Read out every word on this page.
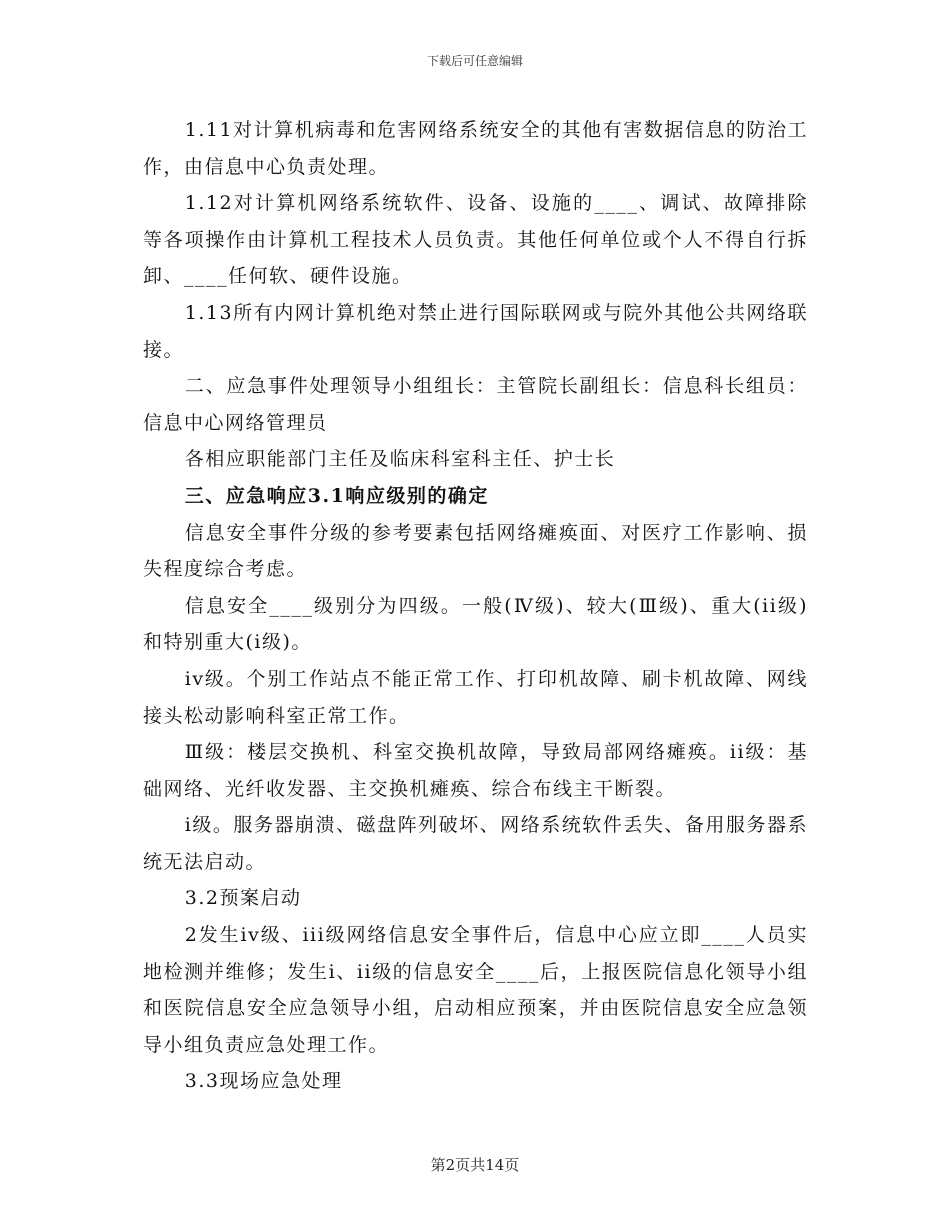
下载后可任意编辑

1.11对计算机病毒和危害网络系统安全的其他有害数据信息的防治工作，由信息中心负责处理。

1.12对计算机网络系统软件、设备、设施的____、调试、故障排除等各项操作由计算机工程技术人员负责。其他任何单位或个人不得自行拆卸、____任何软、硬件设施。

1.13所有内网计算机绝对禁止进行国际联网或与院外其他公共网络联接。

二、应急事件处理领导小组组长：主管院长副组长：信息科长组员：信息中心网络管理员

各相应职能部门主任及临床科室科主任、护士长

三、应急响应3.1响应级别的确定

信息安全事件分级的参考要素包括网络瘫痪面、对医疗工作影响、损失程度综合考虑。

信息安全____级别分为四级。一般(Ⅳ级)、较大(Ⅲ级)、重大(ii级)和特别重大(i级)。

iv级。个别工作站点不能正常工作、打印机故障、刷卡机故障、网线接头松动影响科室正常工作。

Ⅲ级：楼层交换机、科室交换机故障，导致局部网络瘫痪。ii级：基础网络、光纤收发器、主交换机瘫痪、综合布线主干断裂。

i级。服务器崩溃、磁盘阵列破坏、网络系统软件丢失、备用服务器系统无法启动。

3.2预案启动

2发生iv级、iii级网络信息安全事件后，信息中心应立即____人员实地检测并维修；发生i、ii级的信息安全____后，上报医院信息化领导小组和医院信息安全应急领导小组，启动相应预案，并由医院信息安全应急领导小组负责应急处理工作。

3.3现场应急处理

第2页共14页
